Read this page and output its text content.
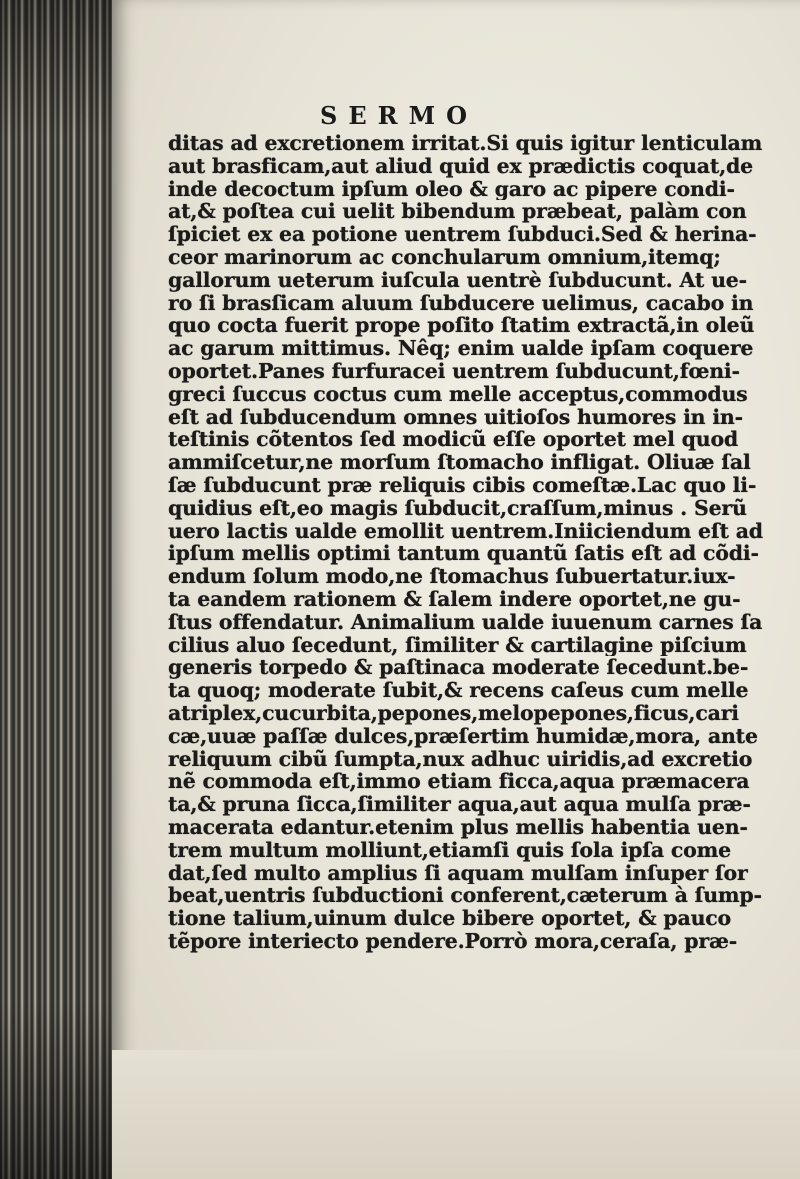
SERMO
ditas ad excretionem irritat.Si quis igitur lenticulam
aut brasficam,aut aliud quid ex prædictis coquat,de
inde decoctum ipſum oleo & garo ac pipere condi-
at,& poſtea cui uelit bibendum præbeat, palàm con
ſpiciet ex ea potione uentrem ſubduci.Sed & herina-
ceor marinorum ac conchularum omnium,itemq;
gallorum ueterum iuſcula uentrè ſubducunt. At ue-
ro ſi brasſicam aluum ſubducere uelimus, cacabo in
quo cocta fuerit prope poſito ſtatim extractã,in oleũ
ac garum mittimus. Nêq; enim ualde ipſam coquere
oportet.Panes furfuracei uentrem ſubducunt,fœni-
greci ſuccus coctus cum melle acceptus,commodus
eſt ad ſubducendum omnes uitioſos humores in in-
teſtinis cõtentos ſed modicũ eſſe oportet mel quod
ammiſcetur,ne morſum ſtomacho infligat. Oliuæ ſal
ſæ ſubducunt præ reliquis cibis comeſtæ.Lac quo li-
quidius eſt,eo magis ſubducit,craſſum,minus . Serũ
uero lactis ualde emollit uentrem.Iniiciendum eſt ad
ipſum mellis optimi tantum quantũ ſatis eſt ad cõdi-
endum ſolum modo,ne ſtomachus ſubuertatur.iux-
ta eandem rationem & ſalem indere oportet,ne gu-
ſtus offendatur. Animalium ualde iuuenum carnes ſa
cilius aluo ſecedunt, ſimiliter & cartilagine piſcium
generis torpedo & paſtinaca moderate ſecedunt.be-
ta quoq; moderate ſubit,& recens caſeus cum melle
atriplex,cucurbita,pepones,melopepones,ficus,cari
cæ,uuæ paſſæ dulces,præſertim humidæ,mora, ante
reliquum cibũ ſumpta,nux adhuc uiridis,ad excretio
nẽ commoda eſt,immo etiam ficca,aqua præmacera
ta,& pruna ſicca,ſimiliter aqua,aut aqua mulſa præ-
macerata edantur.etenim plus mellis habentia uen-
trem multum molliunt,etiamſi quis ſola ipſa come
dat,ſed multo amplius ſi aquam mulſam inſuper ſor
beat,uentris ſubductioni conferent,cæterum à ſump-
tione talium,uinum dulce bibere oportet, & pauco
tẽpore interiecto pendere.Porrò mora,ceraſa, præ-
